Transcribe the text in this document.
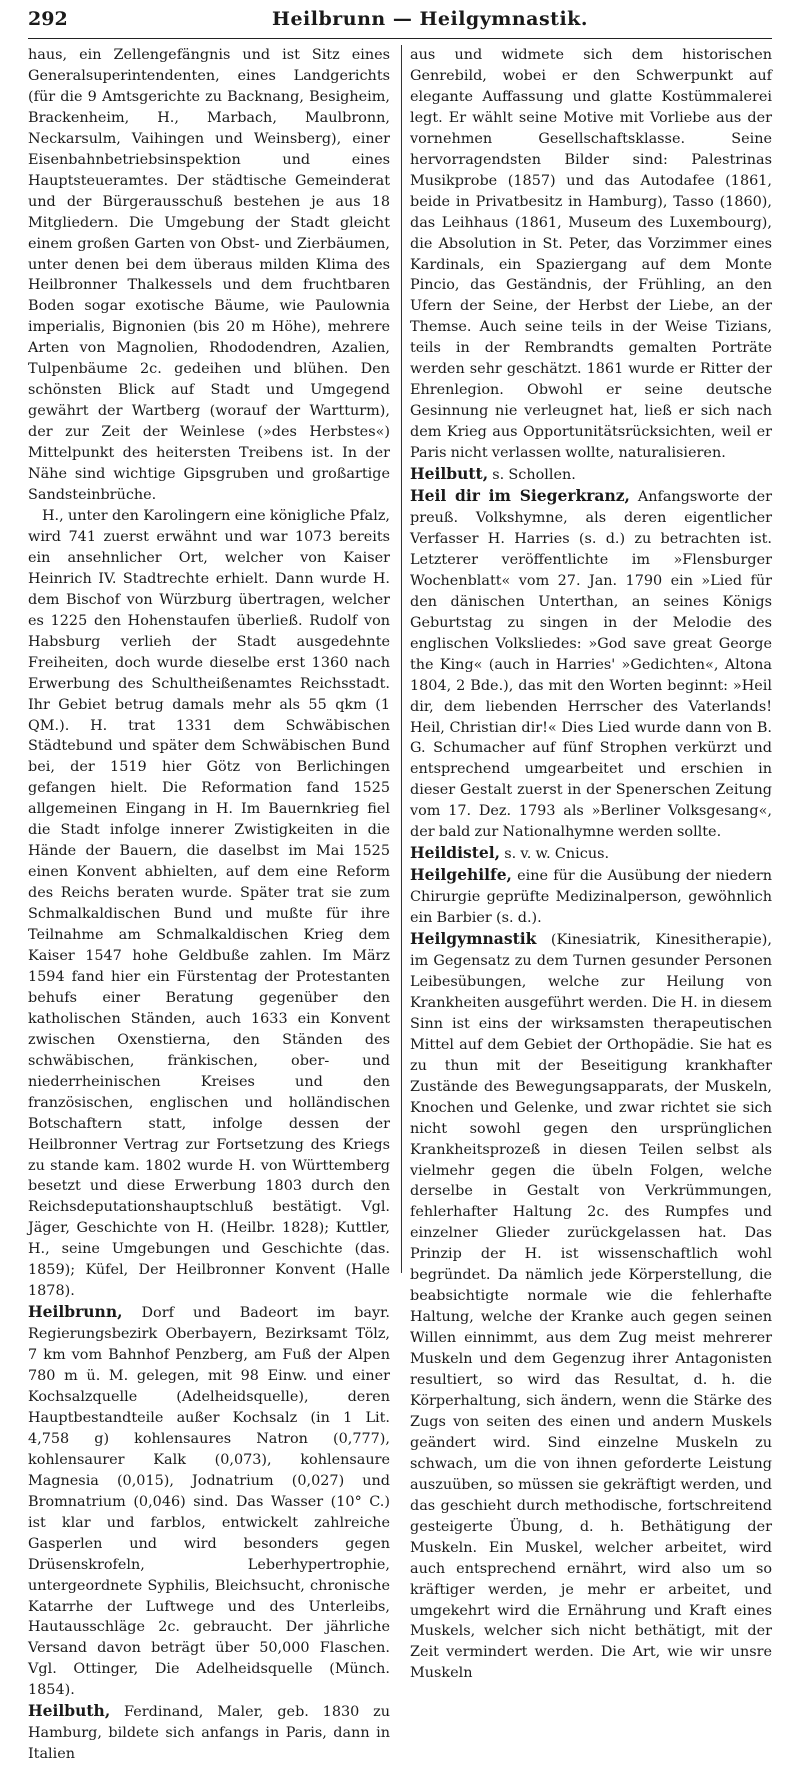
292	Heilbrunn — Heilgymnastik.

haus, ein Zellengefängnis und ist Sitz eines Generalsuperintendenten, eines Landgerichts (für die 9 Amtsgerichte zu Backnang, Besigheim, Brackenheim, H., Marbach, Maulbronn, Neckarsulm, Vaihingen und Weinsberg), einer Eisenbahnbetriebsinspektion und eines Hauptsteueramtes. Der städtische Gemeinderat und der Bürgerausschuß bestehen je aus 18 Mitgliedern. Die Umgebung der Stadt gleicht einem großen Garten von Obst- und Zierbäumen, unter denen bei dem überaus milden Klima des Heilbronner Thalkessels und dem fruchtbaren Boden sogar exotische Bäume, wie Paulownia imperialis, Bignonien (bis 20 m Höhe), mehrere Arten von Magnolien, Rhododendren, Azalien, Tulpenbäume 2c. gedeihen und blühen. Den schönsten Blick auf Stadt und Umgegend gewährt der Wartberg (worauf der Wartturm), der zur Zeit der Weinlese (»des Herbstes«) Mittelpunkt des heitersten Treibens ist. In der Nähe sind wichtige Gipsgruben und großartige Sandsteinbrüche.

H., unter den Karolingern eine königliche Pfalz, wird 741 zuerst erwähnt und war 1073 bereits ein ansehnlicher Ort, welcher von Kaiser Heinrich IV. Stadtrechte erhielt. Dann wurde H. dem Bischof von Würzburg übertragen, welcher es 1225 den Hohenstaufen überließ. Rudolf von Habsburg verlieh der Stadt ausgedehnte Freiheiten, doch wurde dieselbe erst 1360 nach Erwerbung des Schultheißenamtes Reichsstadt. Ihr Gebiet betrug damals mehr als 55 qkm (1 QM.). H. trat 1331 dem Schwäbischen Städtebund und später dem Schwäbischen Bund bei, der 1519 hier Götz von Berlichingen gefangen hielt. Die Reformation fand 1525 allgemeinen Eingang in H. Im Bauernkrieg fiel die Stadt infolge innerer Zwistigkeiten in die Hände der Bauern, die daselbst im Mai 1525 einen Konvent abhielten, auf dem eine Reform des Reichs beraten wurde. Später trat sie zum Schmalkaldischen Bund und mußte für ihre Teilnahme am Schmalkaldischen Krieg dem Kaiser 1547 hohe Geldbuße zahlen. Im März 1594 fand hier ein Fürstentag der Protestanten behufs einer Beratung gegenüber den katholischen Ständen, auch 1633 ein Konvent zwischen Oxenstierna, den Ständen des schwäbischen, fränkischen, ober- und niederrheinischen Kreises und den französischen, englischen und holländischen Botschaftern statt, infolge dessen der Heilbronner Vertrag zur Fortsetzung des Kriegs zu stande kam. 1802 wurde H. von Württemberg besetzt und diese Erwerbung 1803 durch den Reichsdeputationshauptschluß bestätigt. Vgl. Jäger, Geschichte von H. (Heilbr. 1828); Kuttler, H., seine Umgebungen und Geschichte (das. 1859); Küfel, Der Heilbronner Konvent (Halle 1878).

Heilbrunn, Dorf und Badeort im bayr. Regierungsbezirk Oberbayern, Bezirksamt Tölz, 7 km vom Bahnhof Penzberg, am Fuß der Alpen 780 m ü. M. gelegen, mit 98 Einw. und einer Kochsalzquelle (Adelheidsquelle), deren Hauptbestandteile außer Kochsalz (in 1 Lit. 4,758 g) kohlensaures Natron (0,777), kohlensaurer Kalk (0,073), kohlensaure Magnesia (0,015), Jodnatrium (0,027) und Bromnatrium (0,046) sind. Das Wasser (10° C.) ist klar und farblos, entwickelt zahlreiche Gasperlen und wird besonders gegen Drüsenskrofeln, Leberhypertrophie, untergeordnete Syphilis, Bleichsucht, chronische Katarrhe der Luftwege und des Unterleibs, Hautausschläge 2c. gebraucht. Der jährliche Versand davon beträgt über 50,000 Flaschen. Vgl. Ottinger, Die Adelheidsquelle (Münch. 1854).

Heilbuth, Ferdinand, Maler, geb. 1830 zu Hamburg, bildete sich anfangs in Paris, dann in Italien

aus und widmete sich dem historischen Genrebild, wobei er den Schwerpunkt auf elegante Auffassung und glatte Kostümmalerei legt. Er wählt seine Motive mit Vorliebe aus der vornehmen Gesellschaftsklasse. Seine hervorragendsten Bilder sind: Palestrinas Musikprobe (1857) und das Autodafee (1861, beide in Privatbesitz in Hamburg), Tasso (1860), das Leihhaus (1861, Museum des Luxembourg), die Absolution in St. Peter, das Vorzimmer eines Kardinals, ein Spaziergang auf dem Monte Pincio, das Geständnis, der Frühling, an den Ufern der Seine, der Herbst der Liebe, an der Themse. Auch seine teils in der Weise Tizians, teils in der Rembrandts gemalten Porträte werden sehr geschätzt. 1861 wurde er Ritter der Ehrenlegion. Obwohl er seine deutsche Gesinnung nie verleugnet hat, ließ er sich nach dem Krieg aus Opportunitätsrücksichten, weil er Paris nicht verlassen wollte, naturalisieren.

Heilbutt, s. Schollen.

Heil dir im Siegerkranz, Anfangsworte der preuß. Volkshymne, als deren eigentlicher Verfasser H. Harries (s. d.) zu betrachten ist. Letzterer veröffentlichte im »Flensburger Wochenblatt« vom 27. Jan. 1790 ein »Lied für den dänischen Unterthan, an seines Königs Geburtstag zu singen in der Melodie des englischen Volksliedes: »God save great George the King« (auch in Harries' »Gedichten«, Altona 1804, 2 Bde.), das mit den Worten beginnt: »Heil dir, dem liebenden Herrscher des Vaterlands! Heil, Christian dir!« Dies Lied wurde dann von B. G. Schumacher auf fünf Strophen verkürzt und entsprechend umgearbeitet und erschien in dieser Gestalt zuerst in der Spenerschen Zeitung vom 17. Dez. 1793 als »Berliner Volksgesang«, der bald zur Nationalhymne werden sollte.

Heildistel, s. v. w. Cnicus.

Heilgehilfe, eine für die Ausübung der niedern Chirurgie geprüfte Medizinalperson, gewöhnlich ein Barbier (s. d.).

Heilgymnastik (Kinesiatrik, Kinesitherapie), im Gegensatz zu dem Turnen gesunder Personen Leibesübungen, welche zur Heilung von Krankheiten ausgeführt werden. Die H. in diesem Sinn ist eins der wirksamsten therapeutischen Mittel auf dem Gebiet der Orthopädie. Sie hat es zu thun mit der Beseitigung krankhafter Zustände des Bewegungsapparats, der Muskeln, Knochen und Gelenke, und zwar richtet sie sich nicht sowohl gegen den ursprünglichen Krankheitsprozeß in diesen Teilen selbst als vielmehr gegen die übeln Folgen, welche derselbe in Gestalt von Verkrümmungen, fehlerhafter Haltung 2c. des Rumpfes und einzelner Glieder zurückgelassen hat. Das Prinzip der H. ist wissenschaftlich wohl begründet. Da nämlich jede Körperstellung, die beabsichtigte normale wie die fehlerhafte Haltung, welche der Kranke auch gegen seinen Willen einnimmt, aus dem Zug meist mehrerer Muskeln und dem Gegenzug ihrer Antagonisten resultiert, so wird das Resultat, d. h. die Körperhaltung, sich ändern, wenn die Stärke des Zugs von seiten des einen und andern Muskels geändert wird. Sind einzelne Muskeln zu schwach, um die von ihnen geforderte Leistung auszuüben, so müssen sie gekräftigt werden, und das geschieht durch methodische, fortschreitend gesteigerte Übung, d. h. Bethätigung der Muskeln. Ein Muskel, welcher arbeitet, wird auch entsprechend ernährt, wird also um so kräftiger werden, je mehr er arbeitet, und umgekehrt wird die Ernährung und Kraft eines Muskels, welcher sich nicht bethätigt, mit der Zeit vermindert werden. Die Art, wie wir unsre Muskeln
